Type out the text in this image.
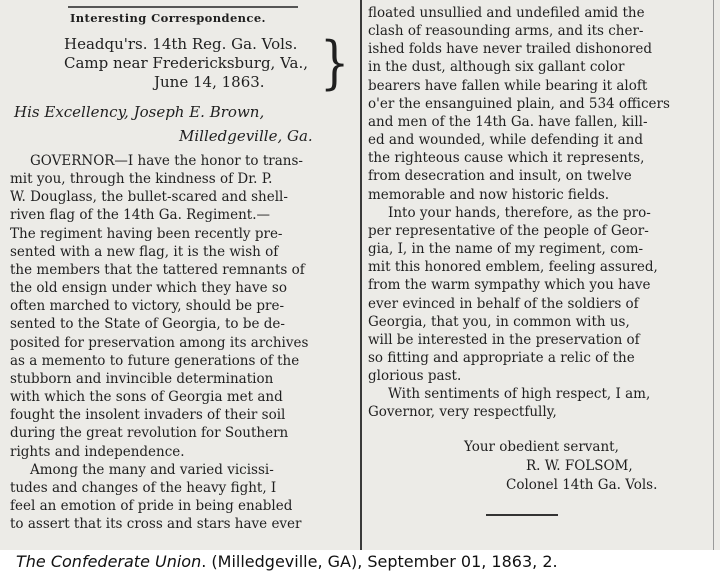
Interesting Correspondence.
Headqu'rs. 14th Reg. Ga. Vols.
Camp near Fredericksburg, Va.,
June 14, 1863.	}
His Excellency, Joseph E. Brown,
Milledgeville, Ga.
GOVERNOR—I have the honor to trans-
mit you, through the kindness of Dr. P.
W. Douglass, the bullet-scared and shell-
riven flag of the 14th Ga. Regiment.—
The regiment having been recently pre-
sented with a new flag, it is the wish of
the members that the tattered remnants of
the old ensign under which they have so
often marched to victory, should be pre-
sented to the State of Georgia, to be de-
posited for preservation among its archives
as a memento to future generations of the
stubborn and invincible determination
with which the sons of Georgia met and
fought the insolent invaders of their soil
during the great revolution for Southern
rights and independence.
Among the many and varied vicissi-
tudes and changes of the heavy fight, I
feel an emotion of pride in being enabled
to assert that its cross and stars have ever
floated unsullied and undefiled amid the
clash of reasounding arms, and its cher-
ished folds have never trailed dishonored
in the dust, although six gallant color
bearers have fallen while bearing it aloft
o'er the ensanguined plain, and 534 officers
and men of the 14th Ga. have fallen, kill-
ed and wounded, while defending it and
the righteous cause which it represents,
from desecration and insult, on twelve
memorable and now historic fields.
Into your hands, therefore, as the pro-
per representative of the people of Geor-
gia, I, in the name of my regiment, com-
mit this honored emblem, feeling assured,
from the warm sympathy which you have
ever evinced in behalf of the soldiers of
Georgia, that you, in common with us,
will be interested in the preservation of
so fitting and appropriate a relic of the
glorious past.
With sentiments of high respect, I am,
Governor, very respectfully,
Your obedient servant,
R. W. FOLSOM,
Colonel 14th Ga. Vols.
The Confederate Union. (Milledgeville, GA), September 01, 1863, 2.
